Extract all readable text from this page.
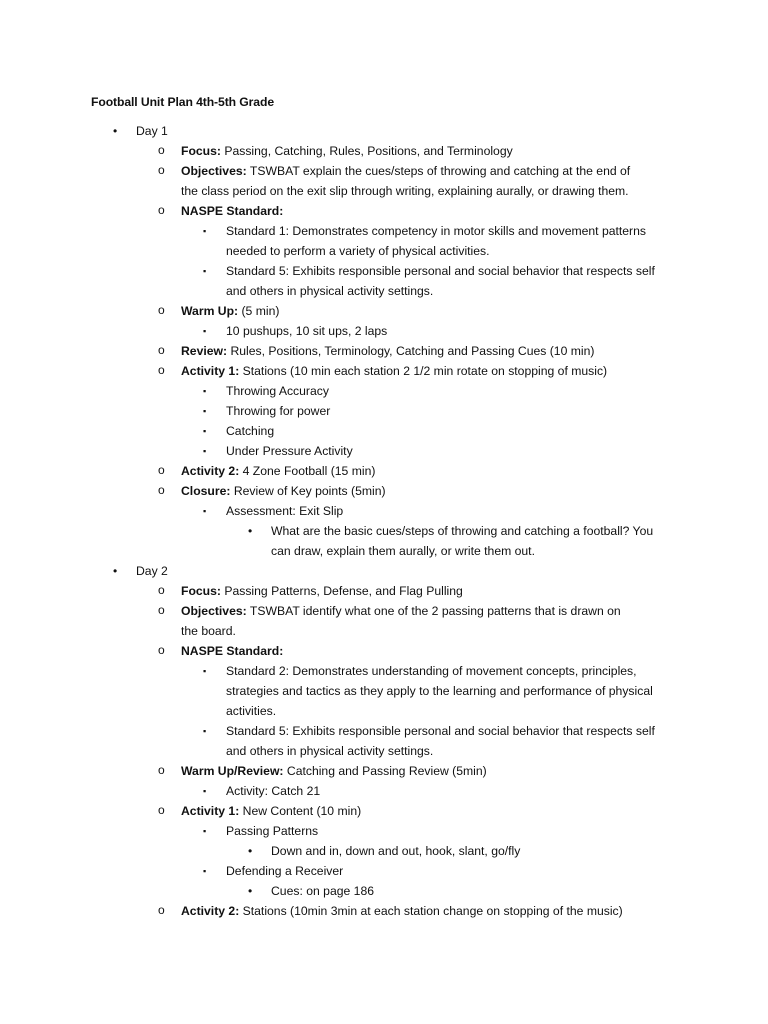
Football Unit Plan 4th-5th Grade
• Day 1
o Focus: Passing, Catching, Rules, Positions, and Terminology
o Objectives: TSWBAT explain the cues/steps of throwing and catching at the end of the class period on the exit slip through writing, explaining aurally, or drawing them.
o NASPE Standard:
▪ Standard 1: Demonstrates competency in motor skills and movement patterns needed to perform a variety of physical activities.
▪ Standard 5: Exhibits responsible personal and social behavior that respects self and others in physical activity settings.
o Warm Up: (5 min)
▪ 10 pushups, 10 sit ups, 2 laps
o Review: Rules, Positions, Terminology, Catching and Passing Cues (10 min)
o Activity 1: Stations (10 min each station 2 1/2 min rotate on stopping of music)
▪ Throwing Accuracy
▪ Throwing for power
▪ Catching
▪ Under Pressure Activity
o Activity 2: 4 Zone Football (15 min)
o Closure: Review of Key points (5min)
▪ Assessment: Exit Slip
• What are the basic cues/steps of throwing and catching a football? You can draw, explain them aurally, or write them out.
• Day 2
o Focus: Passing Patterns, Defense, and Flag Pulling
o Objectives: TSWBAT identify what one of the 2 passing patterns that is drawn on the board.
o NASPE Standard:
▪ Standard 2: Demonstrates understanding of movement concepts, principles, strategies and tactics as they apply to the learning and performance of physical activities.
▪ Standard 5: Exhibits responsible personal and social behavior that respects self and others in physical activity settings.
o Warm Up/Review: Catching and Passing Review (5min)
▪ Activity: Catch 21
o Activity 1: New Content (10 min)
▪ Passing Patterns
• Down and in, down and out, hook, slant, go/fly
▪ Defending a Receiver
• Cues: on page 186
o Activity 2: Stations (10min 3min at each station change on stopping of the music)
